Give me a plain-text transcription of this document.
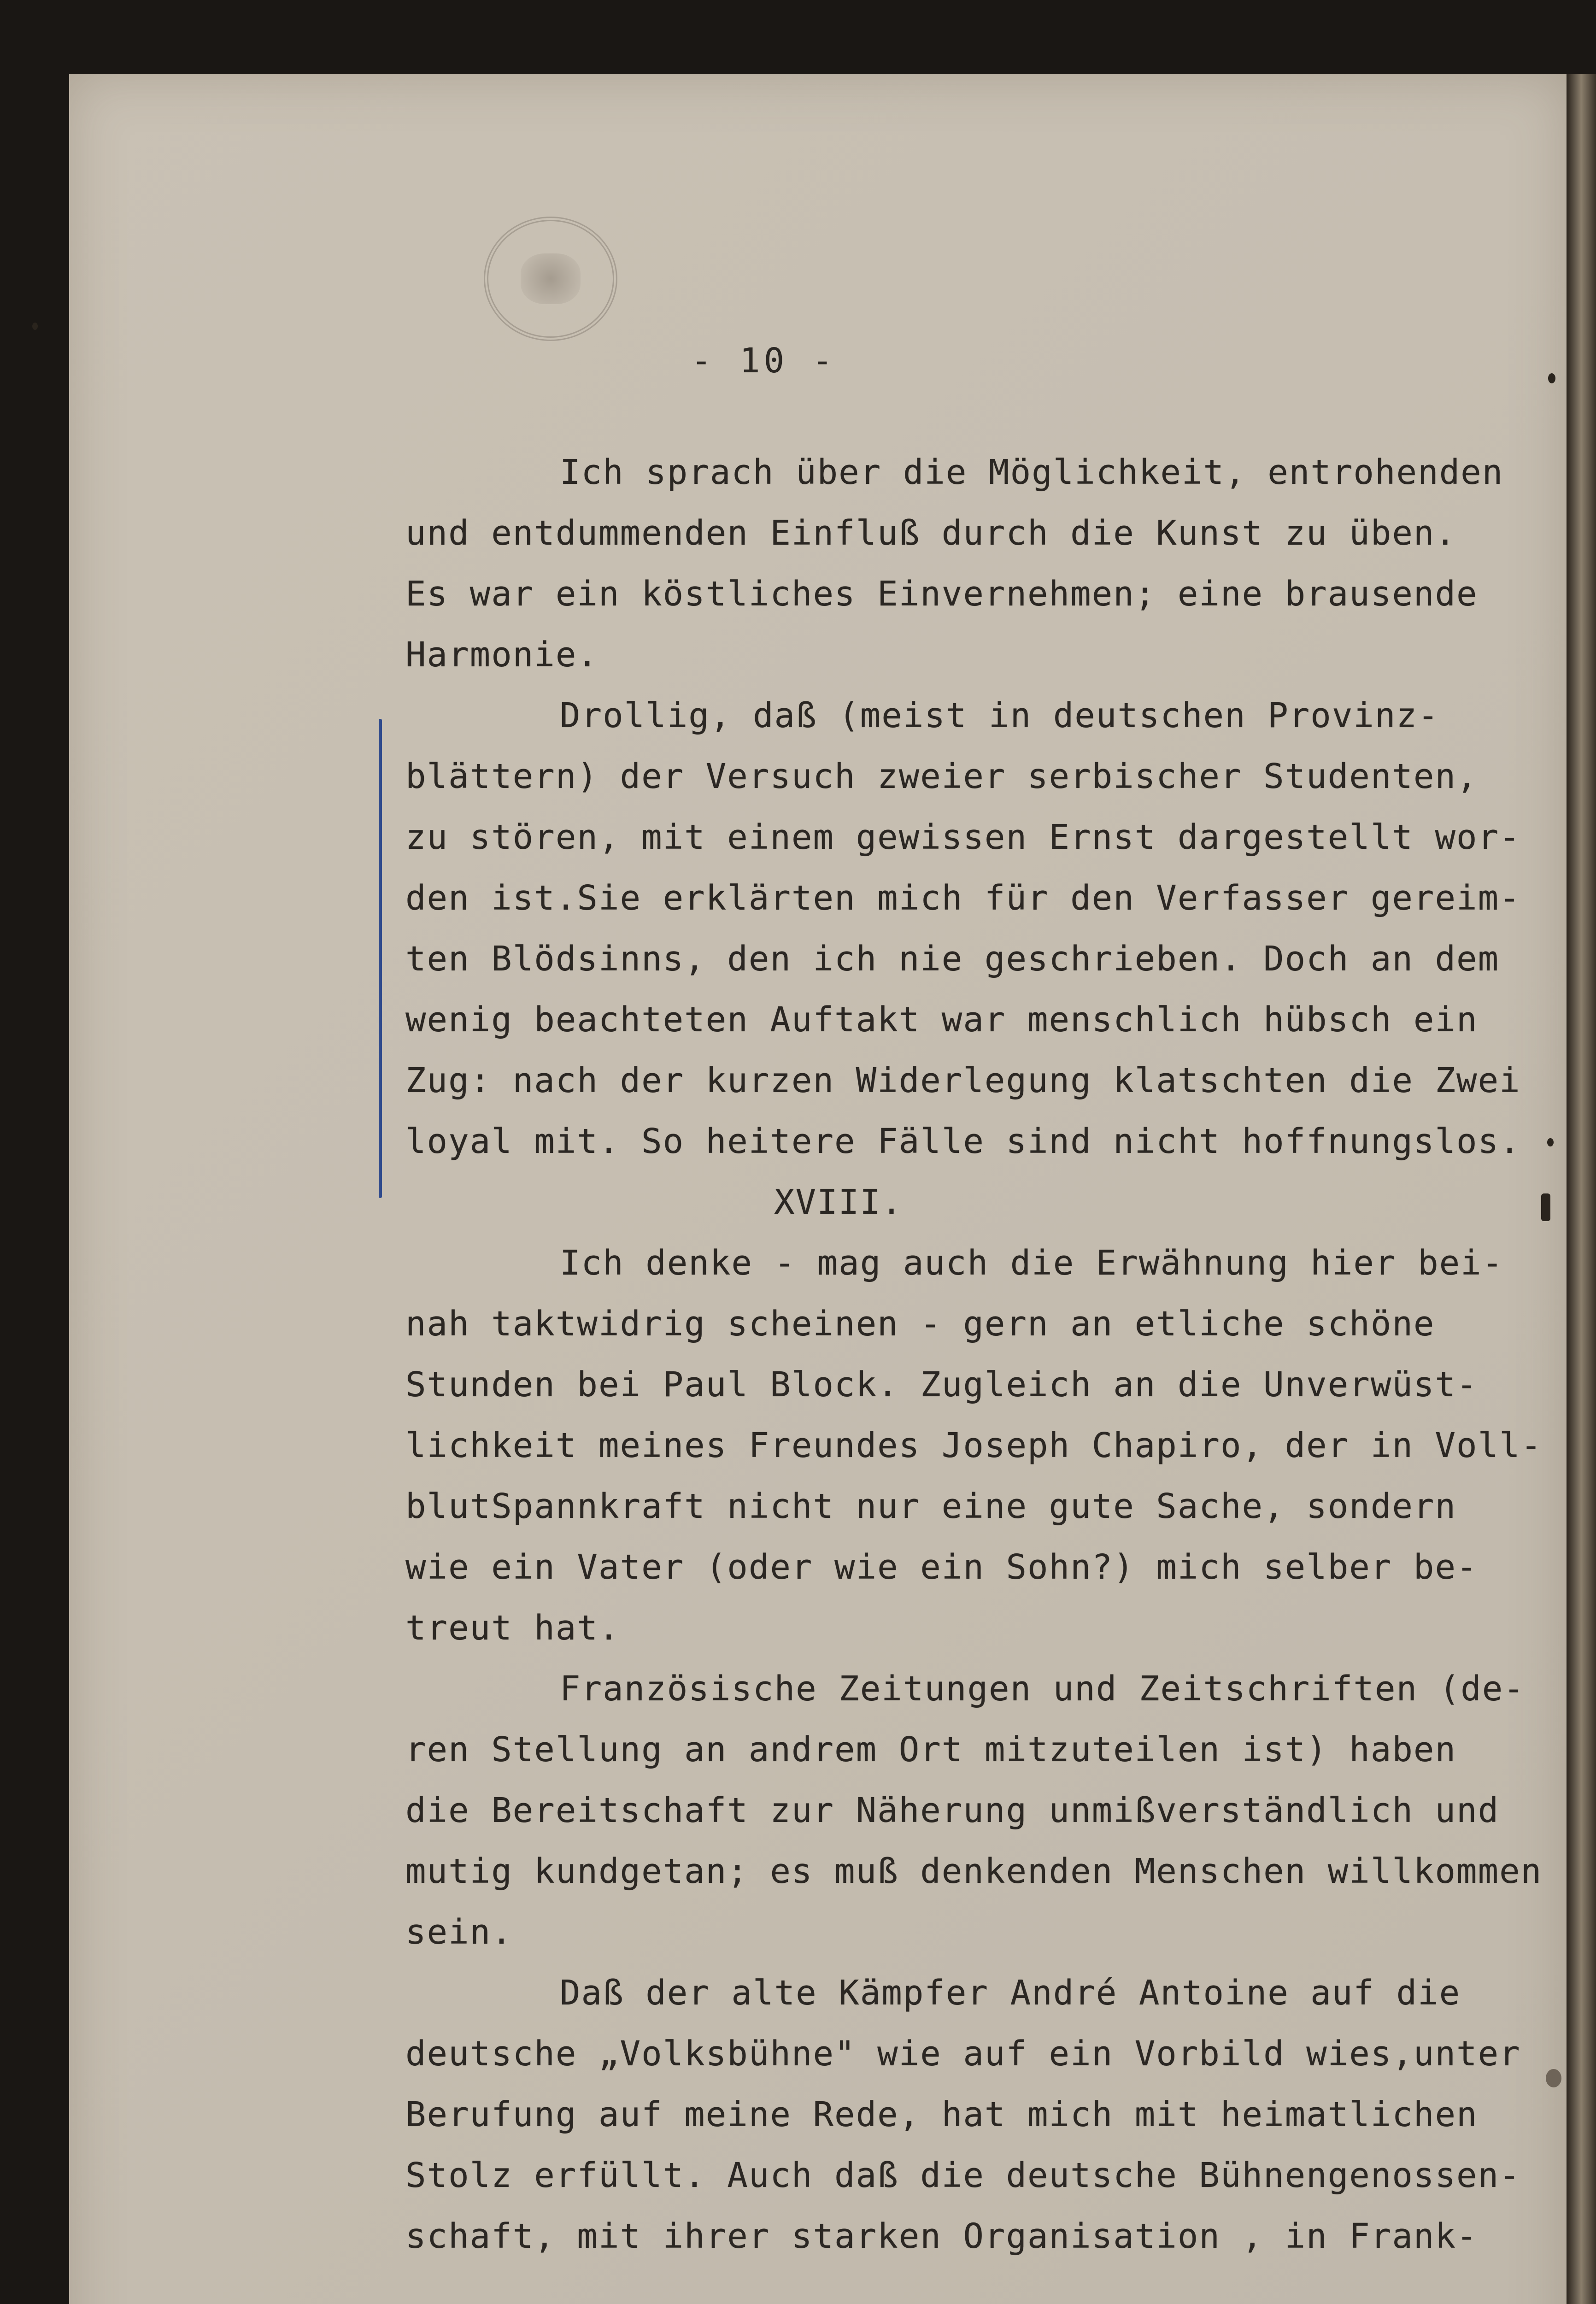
- 10 -
Ich sprach über die Möglichkeit, entrohenden
und entdummenden Einfluß durch die Kunst zu üben.
Es war ein köstliches Einvernehmen; eine brausende
Harmonie.
Drollig, daß (meist in deutschen Provinz-
blättern) der Versuch zweier serbischer Studenten,
zu stören, mit einem gewissen Ernst dargestellt wor-
den ist.Sie erklärten mich für den Verfasser gereim-
ten Blödsinns, den ich nie geschrieben. Doch an dem
wenig beachteten Auftakt war menschlich hübsch ein
Zug: nach der kurzen Widerlegung klatschten die Zwei
loyal mit. So heitere Fälle sind nicht hoffnungslos.
XVIII.
Ich denke - mag auch die Erwähnung hier bei-
nah taktwidrig scheinen - gern an etliche schöne
Stunden bei Paul Block. Zugleich an die Unverwüst-
lichkeit meines Freundes Joseph Chapiro, der in Voll-
blutSpannkraft nicht nur eine gute Sache, sondern
wie ein Vater (oder wie ein Sohn?) mich selber be-
treut hat.
Französische Zeitungen und Zeitschriften (de-
ren Stellung an andrem Ort mitzuteilen ist) haben
die Bereitschaft zur Näherung unmißverständlich und
mutig kundgetan; es muß denkenden Menschen willkommen
sein.
Daß der alte Kämpfer André Antoine auf die
deutsche „Volksbühne" wie auf ein Vorbild wies,unter
Berufung auf meine Rede, hat mich mit heimatlichen
Stolz erfüllt. Auch daß die deutsche Bühnengenossen-
schaft, mit ihrer starken Organisation , in Frank-
